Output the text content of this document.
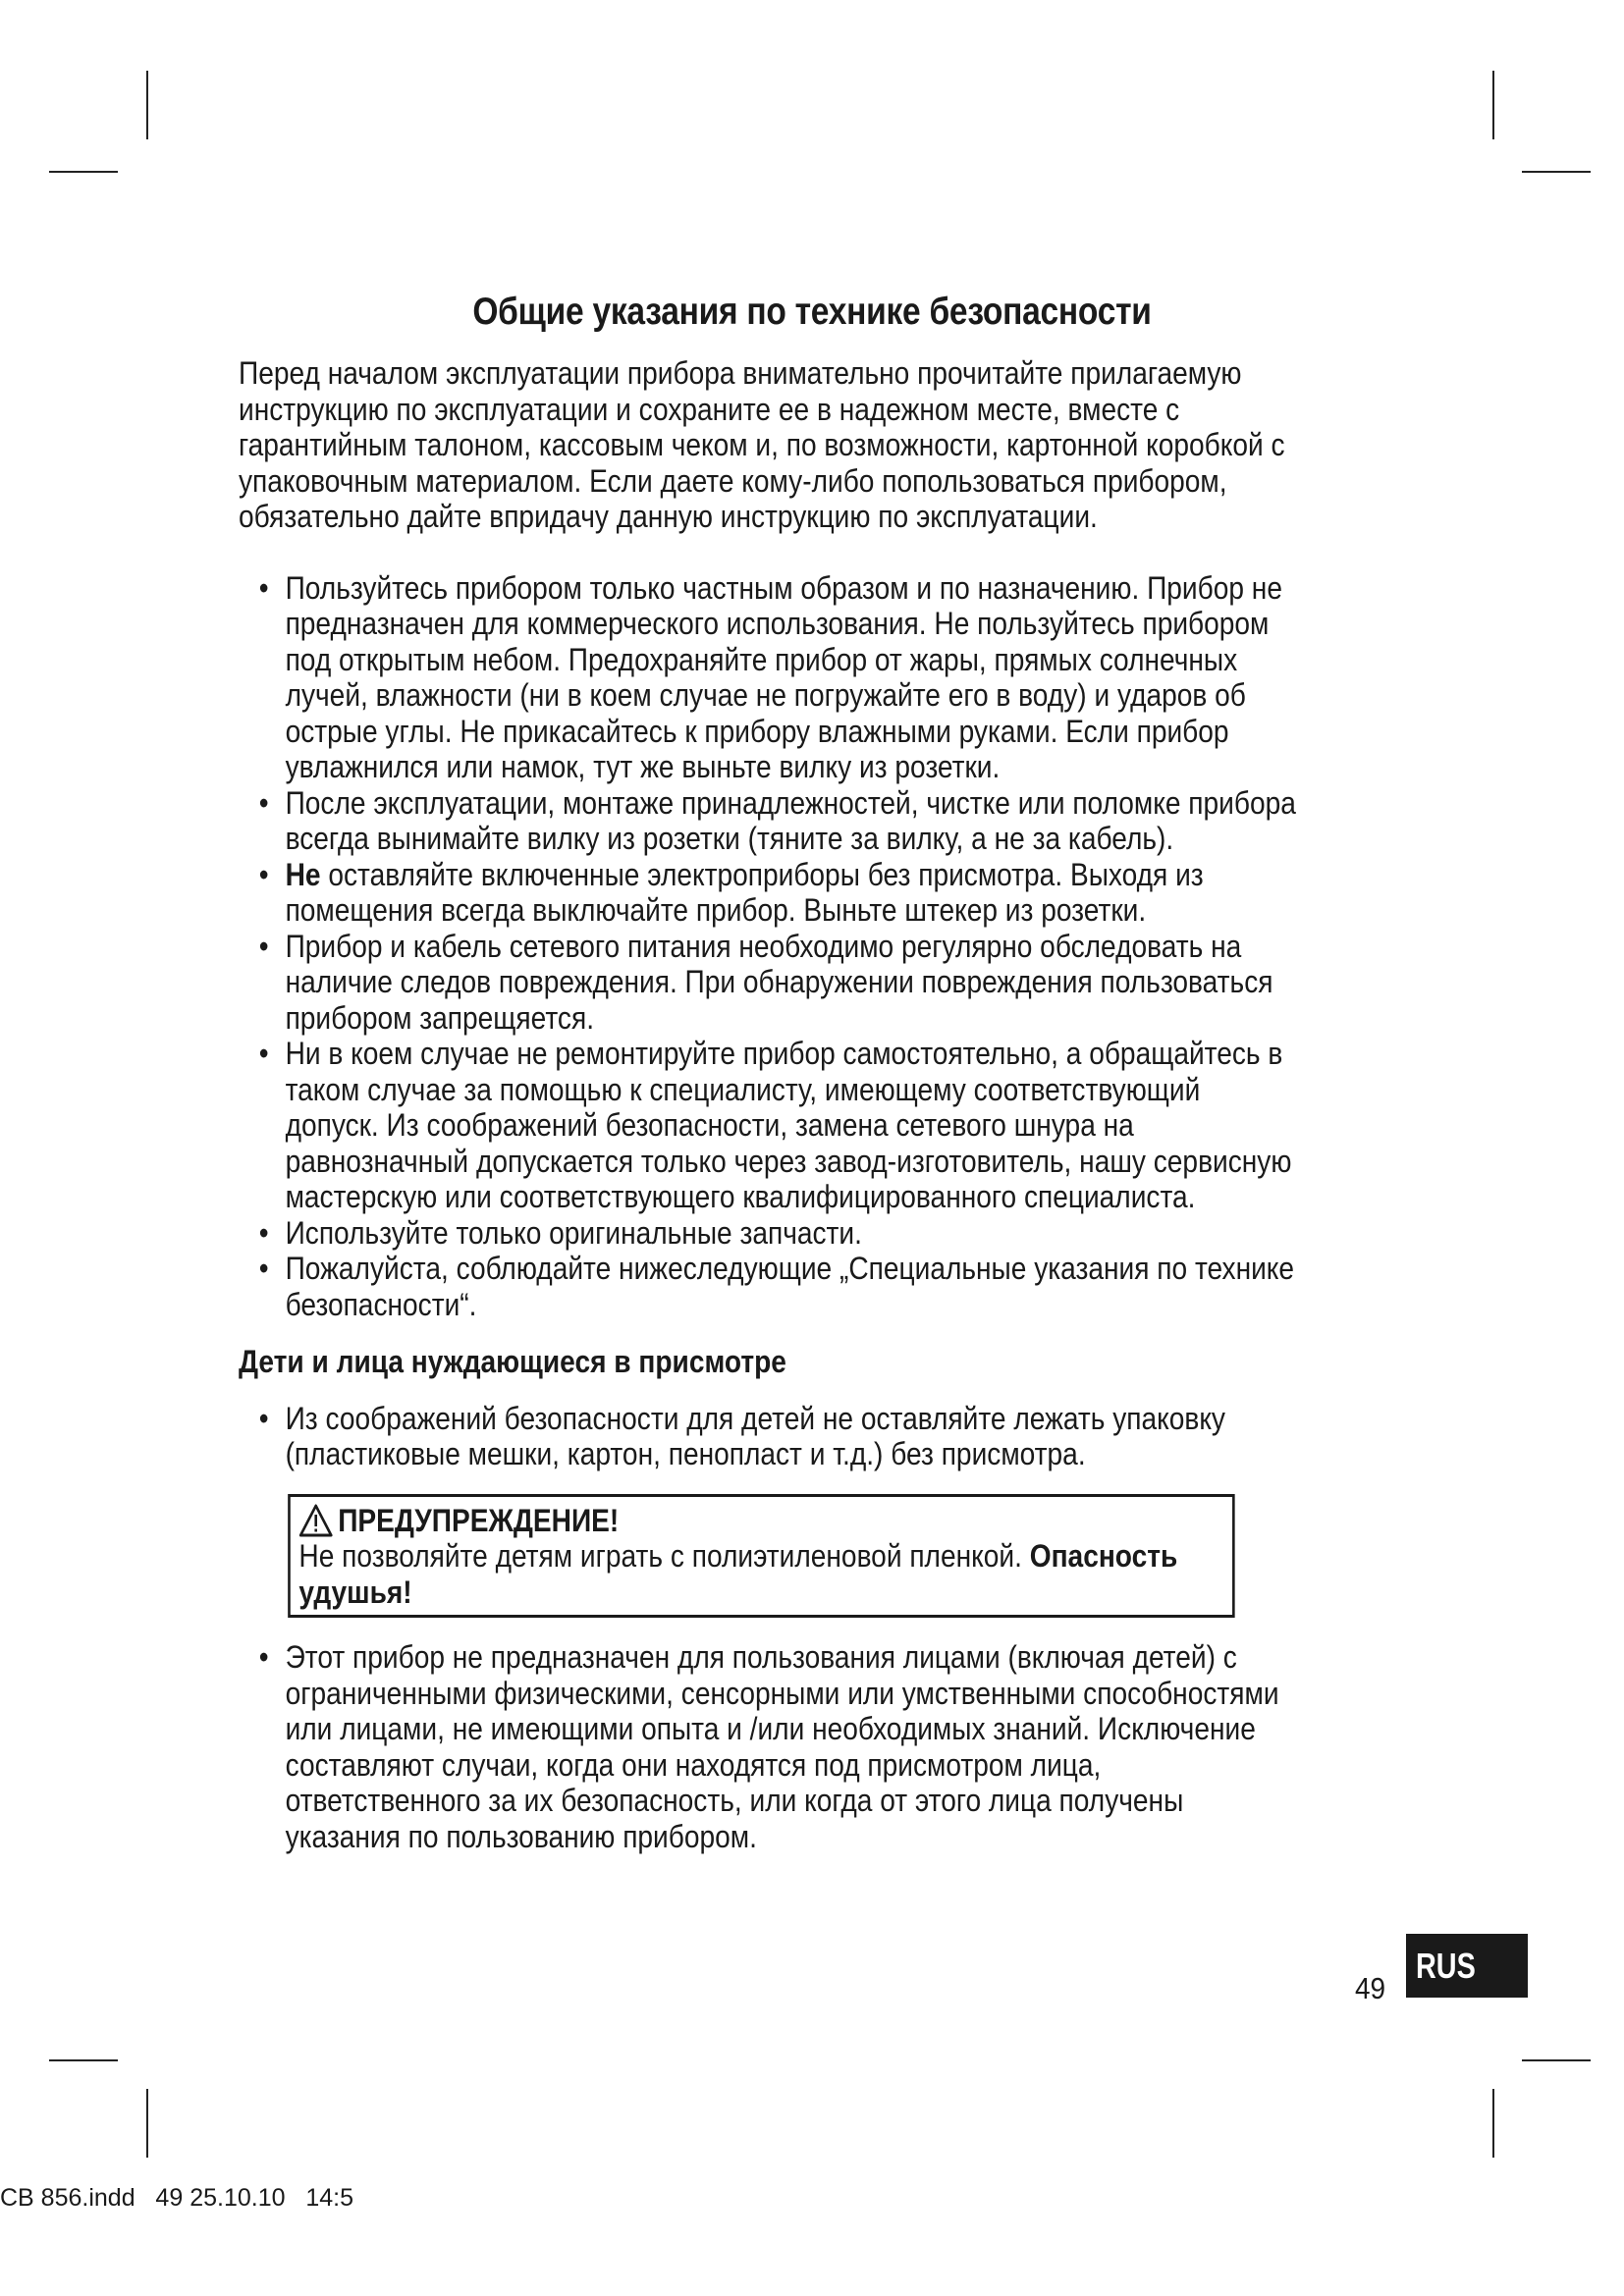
Общие указания по технике безопасности

Перед началом эксплуатации прибора внимательно прочитайте прилагаемую инструкцию по эксплуатации и сохраните ее в надежном месте, вместе с гарантийным талоном, кассовым чеком и, по возможности, картонной коробкой с упаковочным материалом. Если даете кому-либо попользоваться прибором, обязательно дайте впридачу данную инструкцию по эксплуатации.

• Пользуйтесь прибором только частным образом и по назначению. Прибор не предназначен для коммерческого использования. Не пользуйтесь прибором под открытым небом. Предохраняйте прибор от жары, прямых солнечных лучей, влажности (ни в коем случае не погружайте его в воду) и ударов об острые углы. Не прикасайтесь к прибору влажными руками. Если прибор увлажнился или намок, тут же выньте вилку из розетки.
• После эксплуатации, монтаже принадлежностей, чистке или поломке прибора всегда вынимайте вилку из розетки (тяните за вилку, а не за кабель).
• Не оставляйте включенные электроприборы без присмотра. Выходя из помещения всегда выключайте прибор. Выньте штекер из розетки.
• Прибор и кабель сетевого питания необходимо регулярно обследовать на наличие следов повреждения. При обнаружении повреждения пользоваться прибором запрещяется.
• Ни в коем случае не ремонтируйте прибор самостоятельно, а обращайтесь в таком случае за помощью к специалисту, имеющему соответствующий допуск. Из соображений безопасности, замена сетевого шнура на равнозначный допускается только через завод-изготовитель, нашу сервисную мастерскую или соответствующего квалифицированного специалиста.
• Используйте только оригинальные запчасти.
• Пожалуйста, соблюдайте нижеследующие „Специальные указания по технике безопасности“.

Дети и лица нуждающиеся в присмотре

• Из соображений безопасности для детей не оставляйте лежать упаковку (пластиковые мешки, картон, пенопласт и т.д.) без присмотра.
ПРЕДУПРЕЖДЕНИЕ!
Не позволяйте детям играть с полиэтиленовой пленкой. Опасность удушья!
• Этот прибор не предназначен для пользования лицами (включая детей) с ограниченными физическими, сенсорными или умственными способностями или лицами, не имеющими опыта и /или необходимых знаний. Исключение составляют случаи, когда они находятся под присмотром лица, ответственного за их безопасность, или когда от этого лица получены указания по пользованию прибором.
49
RUS
CB 856.indd   49 25.10.10   14:5
